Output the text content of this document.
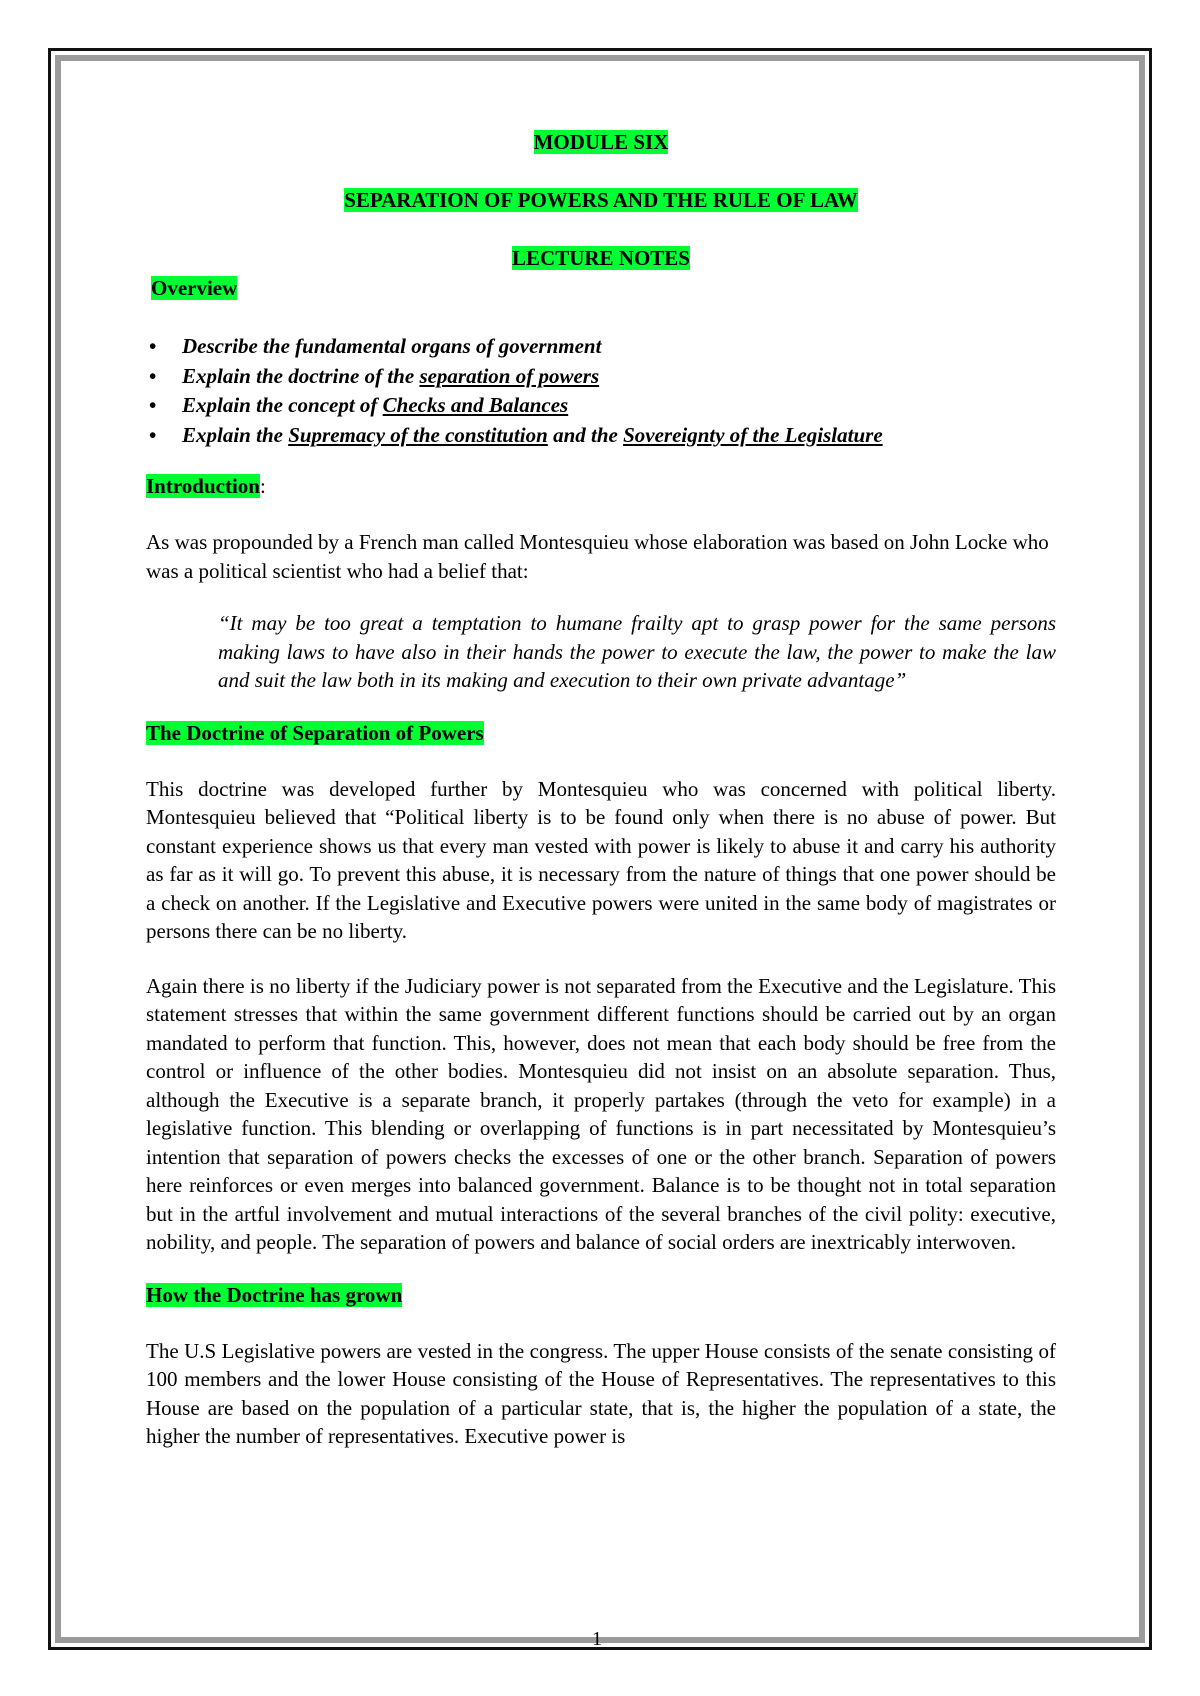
MODULE SIX
SEPARATION OF POWERS AND THE RULE OF LAW
LECTURE NOTES
Overview
• Describe the fundamental organs of government
• Explain the doctrine of the separation of powers
• Explain the concept of Checks and Balances
• Explain the Supremacy of the constitution and the Sovereignty of the Legislature
Introduction:

As was propounded by a French man called Montesquieu whose elaboration was based on John Locke who was a political scientist who had a belief that:

“It may be too great a temptation to humane frailty apt to grasp power for the same persons making laws to have also in their hands the power to execute the law, the power to make the law and suit the law both in its making and execution to their own private advantage”

The Doctrine of Separation of Powers

This doctrine was developed further by Montesquieu who was concerned with political liberty. Montesquieu believed that “Political liberty is to be found only when there is no abuse of power. But constant experience shows us that every man vested with power is likely to abuse it and carry his authority as far as it will go. To prevent this abuse, it is necessary from the nature of things that one power should be a check on another. If the Legislative and Executive powers were united in the same body of magistrates or persons there can be no liberty.

Again there is no liberty if the Judiciary power is not separated from the Executive and the Legislature. This statement stresses that within the same government different functions should be carried out by an organ mandated to perform that function. This, however, does not mean that each body should be free from the control or influence of the other bodies. Montesquieu did not insist on an absolute separation. Thus, although the Executive is a separate branch, it properly partakes (through the veto for example) in a legislative function. This blending or overlapping of functions is in part necessitated by Montesquieu’s intention that separation of powers checks the excesses of one or the other branch. Separation of powers here reinforces or even merges into balanced government. Balance is to be thought not in total separation but in the artful involvement and mutual interactions of the several branches of the civil polity: executive, nobility, and people. The separation of powers and balance of social orders are inextricably interwoven.

How the Doctrine has grown

The U.S Legislative powers are vested in the congress. The upper House consists of the senate consisting of 100 members and the lower House consisting of the House of Representatives. The representatives to this House are based on the population of a particular state, that is, the higher the population of a state, the higher the number of representatives. Executive power is

1
